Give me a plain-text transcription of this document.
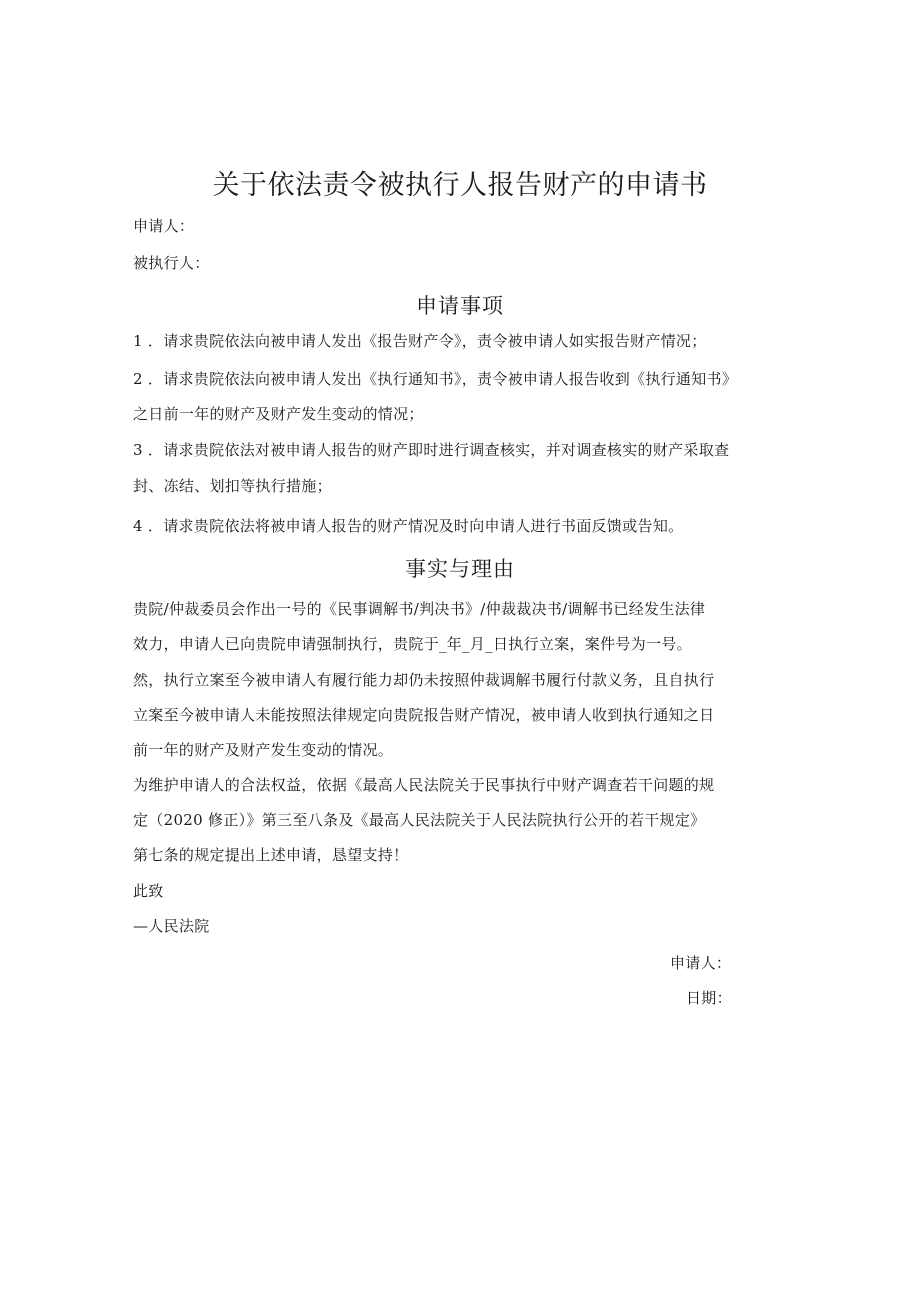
关于依法责令被执行人报告财产的申请书
申请人：
被执行人：
申请事项
1 ．请求贵院依法向被申请人发出《报告财产令》，责令被申请人如实报告财产情况；
2 ．请求贵院依法向被申请人发出《执行通知书》，责令被申请人报告收到《执行通知书》
之日前一年的财产及财产发生变动的情况；
3 ．请求贵院依法对被申请人报告的财产即时进行调查核实，并对调查核实的财产采取查
封、冻结、划扣等执行措施；
4 ．请求贵院依法将被申请人报告的财产情况及时向申请人进行书面反馈或告知。
事实与理由
贵院/仲裁委员会作出一号的《民事调解书/判决书》/仲裁裁决书/调解书已经发生法律
效力，申请人已向贵院申请强制执行，贵院于_年_月_日执行立案，案件号为一号。
然，执行立案至今被申请人有履行能力却仍未按照仲裁调解书履行付款义务，且自执行
立案至今被申请人未能按照法律规定向贵院报告财产情况，被申请人收到执行通知之日
前一年的财产及财产发生变动的情况。
为维护申请人的合法权益，依据《最高人民法院关于民事执行中财产调查若干问题的规
定（2020 修正）》第三至八条及《最高人民法院关于人民法院执行公开的若干规定》
第七条的规定提出上述申请，恳望支持！
此致
—人民法院
申请人：
日期：
